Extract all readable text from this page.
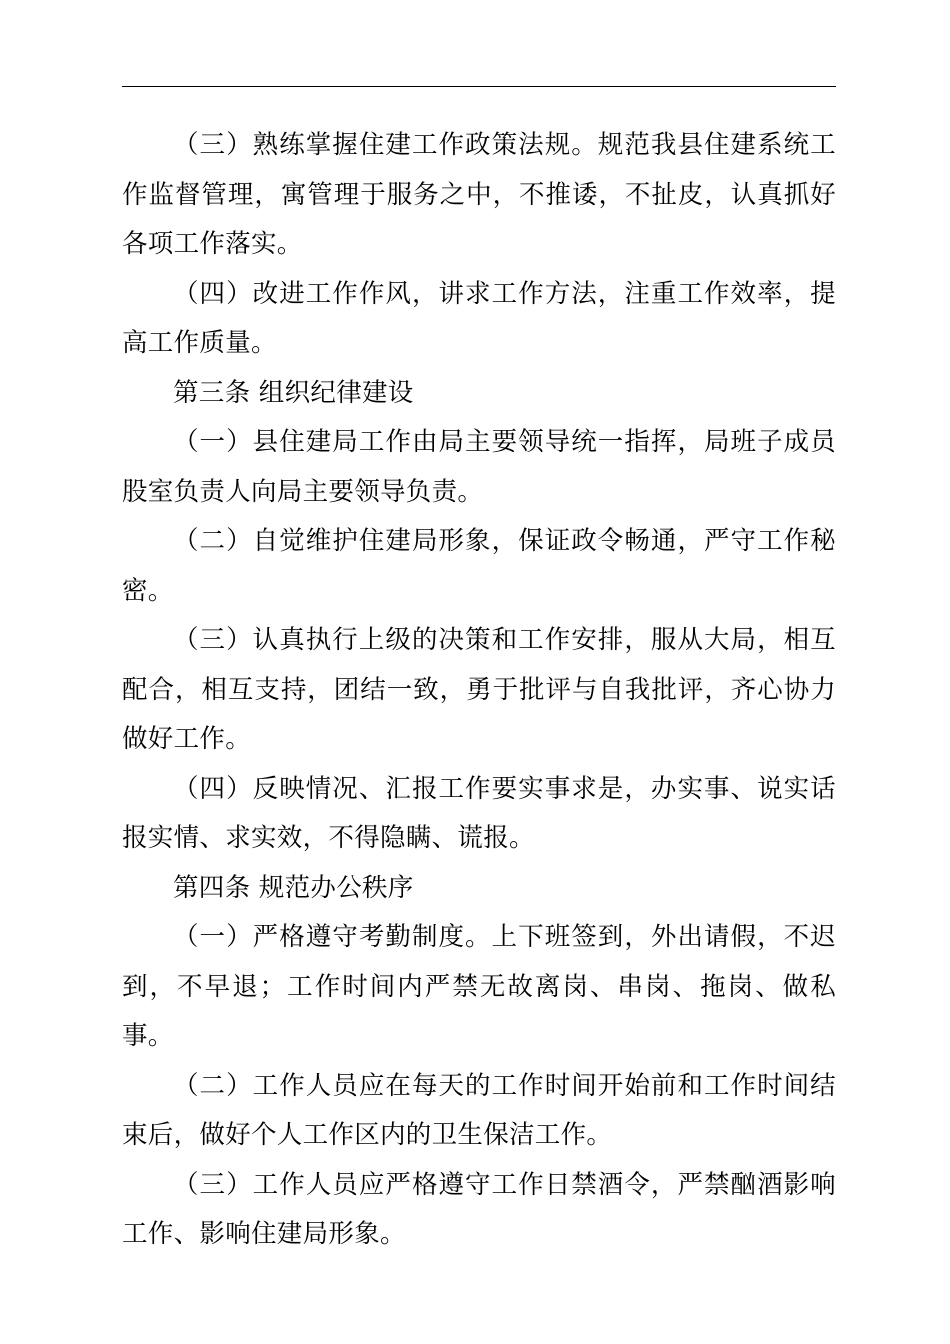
（三）熟练掌握住建工作政策法规。规范我县住建系统工作监督管理，寓管理于服务之中，不推诿，不扯皮，认真抓好各项工作落实。

（四）改进工作作风，讲求工作方法，注重工作效率，提高工作质量。

第三条 组织纪律建设

（一）县住建局工作由局主要领导统一指挥，局班子成员股室负责人向局主要领导负责。

（二）自觉维护住建局形象，保证政令畅通，严守工作秘密。

（三）认真执行上级的决策和工作安排，服从大局，相互配合，相互支持，团结一致，勇于批评与自我批评，齐心协力做好工作。

（四）反映情况、汇报工作要实事求是，办实事、说实话报实情、求实效，不得隐瞒、谎报。

第四条 规范办公秩序

（一）严格遵守考勤制度。上下班签到，外出请假，不迟到，不早退；工作时间内严禁无故离岗、串岗、拖岗、做私事。

（二）工作人员应在每天的工作时间开始前和工作时间结束后，做好个人工作区内的卫生保洁工作。

（三）工作人员应严格遵守工作日禁酒令，严禁酗酒影响工作、影响住建局形象。
